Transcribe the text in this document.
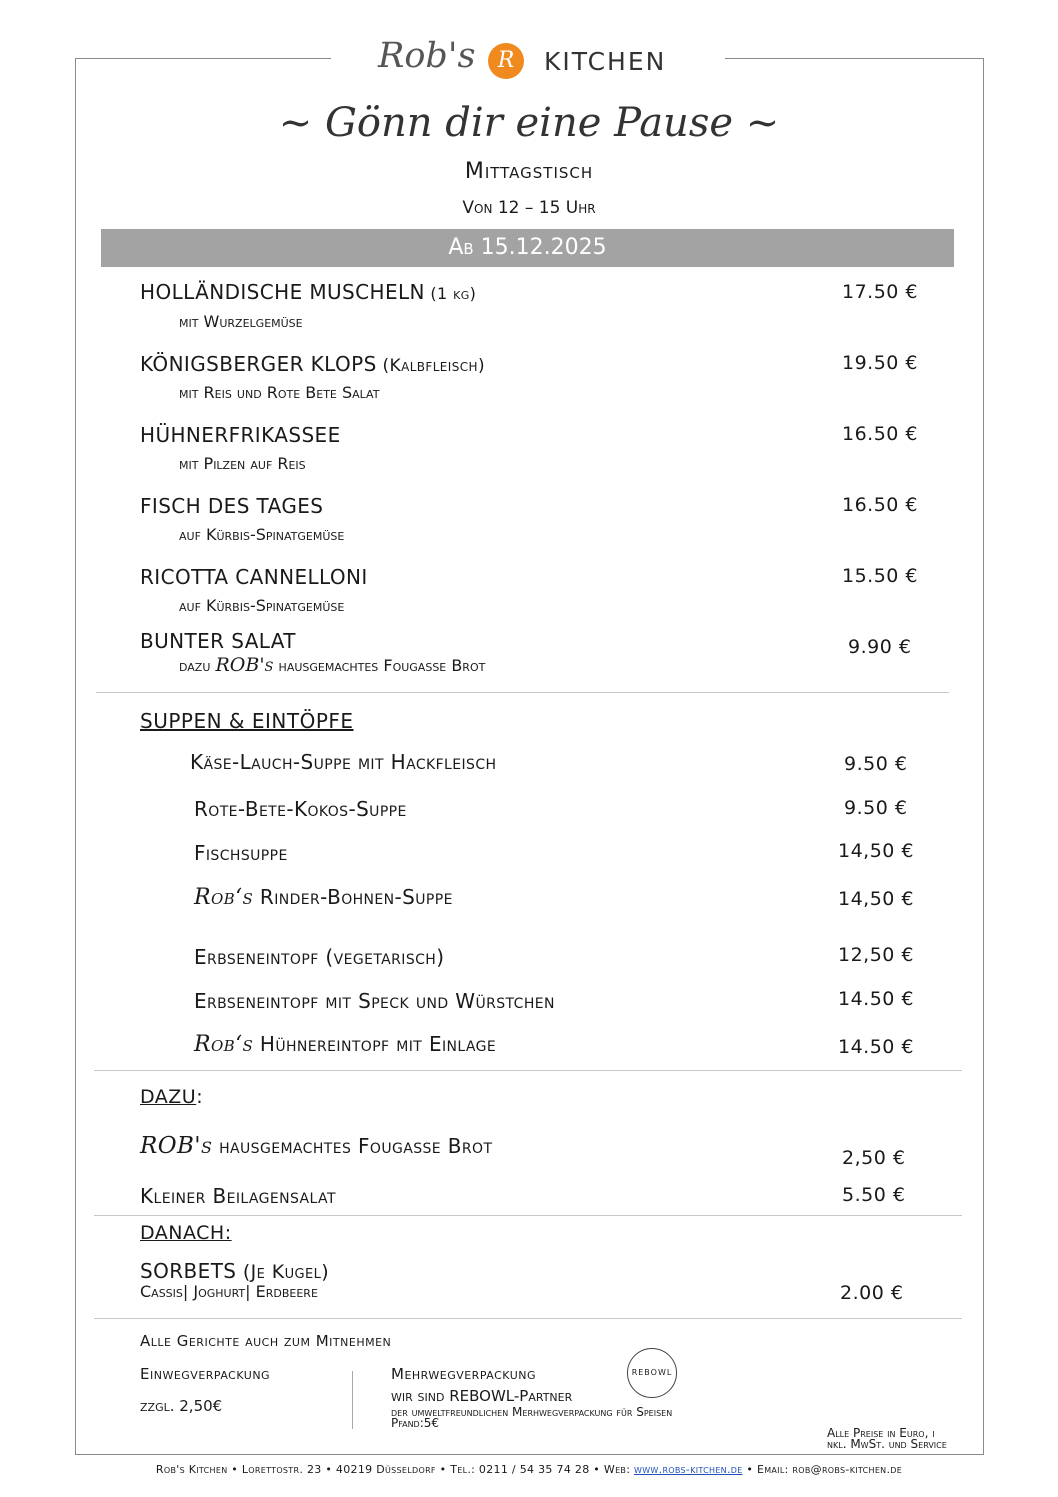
Rob's	R	KITCHEN
~ Gönn dir eine Pause ~
Mittagstisch
Von 12 – 15 Uhr
Ab 15.12.2025
HOLLÄNDISCHE MUSCHELN (1 kg)
mit Wurzelgemüse
17.50 €
KÖNIGSBERGER KLOPS (Kalbfleisch)
mit Reis und Rote Bete Salat
19.50 €
HÜHNERFRIKASSEE
mit Pilzen auf Reis
16.50 €
FISCH DES TAGES
auf Kürbis-Spinatgemüse
16.50 €
RICOTTA CANNELLONI
auf Kürbis-Spinatgemüse
15.50 €
BUNTER SALAT
dazu ROB's hausgemachtes Fougasse Brot
9.90 €
SUPPEN & EINTÖPFE
Käse-Lauch-Suppe mit Hackfleisch	9.50 €
Rote-Bete-Kokos-Suppe	9.50 €
Fischsuppe	14,50 €
Rob‘s Rinder-Bohnen-Suppe	14,50 €
Erbseneintopf (vegetarisch)	12,50 €
Erbseneintopf mit Speck und Würstchen	14.50 €
Rob‘s Hühnereintopf mit Einlage	14.50 €
DAZU:
ROB's hausgemachtes Fougasse Brot	2,50 €
Kleiner Beilagensalat	5.50 €
DANACH:
SORBETS (Je Kugel)
Cassis| Joghurt| Erdbeere	2.00 €
Alle Gerichte auch zum Mitnehmen
Einwegverpackung
zzgl. 2,50€
Mehrwegverpackung
wir sind REBOWL-Partner
der umweltfreundlichen Merhwegverpackung für Speisen
Pfand:5€
REBOWL
Alle Preise in Euro, i
nkl. MwSt. und Service
Rob's Kitchen • Lorettostr. 23 • 40219 Düsseldorf • Tel.: 0211 / 54 35 74 28 • Web: www.robs-kitchen.de • Email: rob@robs-kitchen.de
